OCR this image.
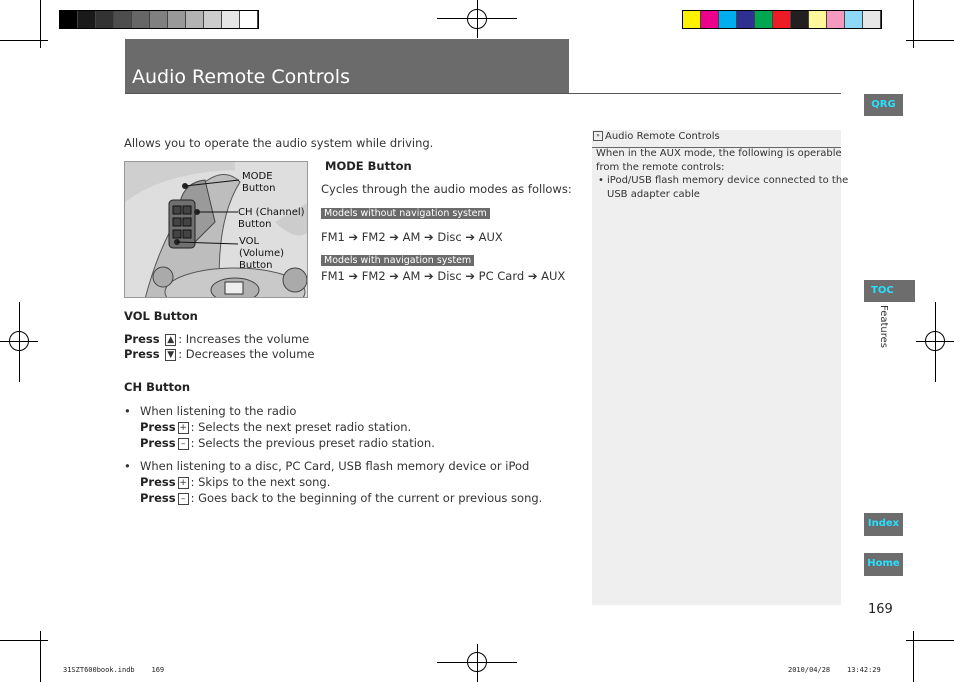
Audio Remote Controls
QRG
TOC
Features
Index
Home
Allows you to operate the audio system while driving.
MODE
Button
CH (Channel)
Button
VOL
(Volume)
Button
MODE Button
Cycles through the audio modes as follows:
Models without navigation system
FM1 ➔ FM2 ➔ AM ➔ Disc ➔ AUX
Models with navigation system
FM1 ➔ FM2 ➔ AM ➔ Disc ➔ PC Card ➔ AUX
VOL Button
Press ▲ : Increases the volume
Press ▼ : Decreases the volume
CH Button
• When listening to the radio
Press + : Selects the next preset radio station.
Press – : Selects the previous preset radio station.
• When listening to a disc, PC Card, USB flash memory device or iPod
Press + : Skips to the next song.
Press – : Goes back to the beginning of the current or previous song.
» Audio Remote Controls
When in the AUX mode, the following is operable
from the remote controls:
• iPod/USB flash memory device connected to the
USB adapter cable
169
31SZT600book.indb    169	2010/04/28    13:42:29
